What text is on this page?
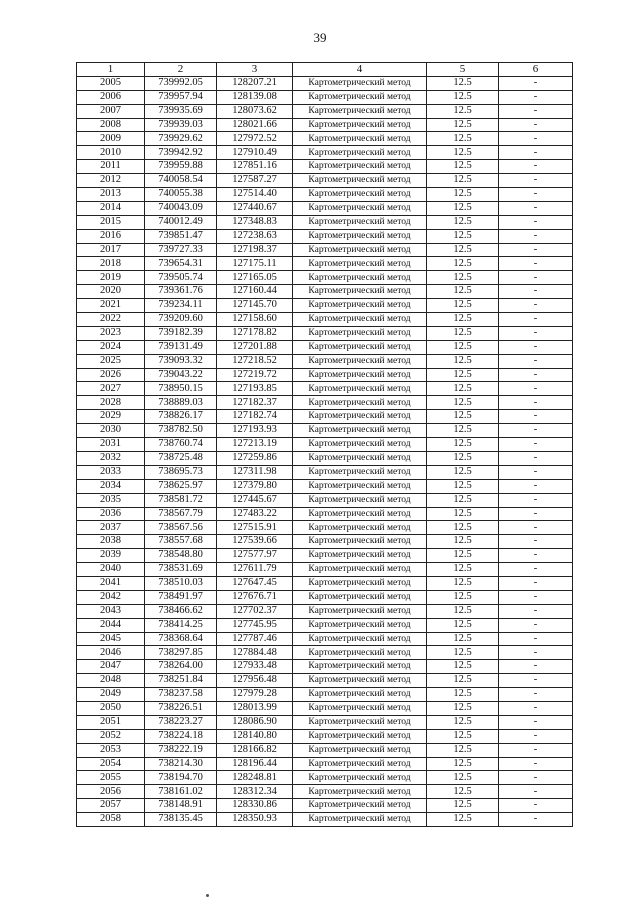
39
1	2	3	4	5	6
2005	739992.05	128207.21	Картометрический метод	12.5	-
2006	739957.94	128139.08	Картометрический метод	12.5	-
2007	739935.69	128073.62	Картометрический метод	12.5	-
2008	739939.03	128021.66	Картометрический метод	12.5	-
2009	739929.62	127972.52	Картометрический метод	12.5	-
2010	739942.92	127910.49	Картометрический метод	12.5	-
2011	739959.88	127851.16	Картометрический метод	12.5	-
2012	740058.54	127587.27	Картометрический метод	12.5	-
2013	740055.38	127514.40	Картометрический метод	12.5	-
2014	740043.09	127440.67	Картометрический метод	12.5	-
2015	740012.49	127348.83	Картометрический метод	12.5	-
2016	739851.47	127238.63	Картометрический метод	12.5	-
2017	739727.33	127198.37	Картометрический метод	12.5	-
2018	739654.31	127175.11	Картометрический метод	12.5	-
2019	739505.74	127165.05	Картометрический метод	12.5	-
2020	739361.76	127160.44	Картометрический метод	12.5	-
2021	739234.11	127145.70	Картометрический метод	12.5	-
2022	739209.60	127158.60	Картометрический метод	12.5	-
2023	739182.39	127178.82	Картометрический метод	12.5	-
2024	739131.49	127201.88	Картометрический метод	12.5	-
2025	739093.32	127218.52	Картометрический метод	12.5	-
2026	739043.22	127219.72	Картометрический метод	12.5	-
2027	738950.15	127193.85	Картометрический метод	12.5	-
2028	738889.03	127182.37	Картометрический метод	12.5	-
2029	738826.17	127182.74	Картометрический метод	12.5	-
2030	738782.50	127193.93	Картометрический метод	12.5	-
2031	738760.74	127213.19	Картометрический метод	12.5	-
2032	738725.48	127259.86	Картометрический метод	12.5	-
2033	738695.73	127311.98	Картометрический метод	12.5	-
2034	738625.97	127379.80	Картометрический метод	12.5	-
2035	738581.72	127445.67	Картометрический метод	12.5	-
2036	738567.79	127483.22	Картометрический метод	12.5	-
2037	738567.56	127515.91	Картометрический метод	12.5	-
2038	738557.68	127539.66	Картометрический метод	12.5	-
2039	738548.80	127577.97	Картометрический метод	12.5	-
2040	738531.69	127611.79	Картометрический метод	12.5	-
2041	738510.03	127647.45	Картометрический метод	12.5	-
2042	738491.97	127676.71	Картометрический метод	12.5	-
2043	738466.62	127702.37	Картометрический метод	12.5	-
2044	738414.25	127745.95	Картометрический метод	12.5	-
2045	738368.64	127787.46	Картометрический метод	12.5	-
2046	738297.85	127884.48	Картометрический метод	12.5	-
2047	738264.00	127933.48	Картометрический метод	12.5	-
2048	738251.84	127956.48	Картометрический метод	12.5	-
2049	738237.58	127979.28	Картометрический метод	12.5	-
2050	738226.51	128013.99	Картометрический метод	12.5	-
2051	738223.27	128086.90	Картометрический метод	12.5	-
2052	738224.18	128140.80	Картометрический метод	12.5	-
2053	738222.19	128166.82	Картометрический метод	12.5	-
2054	738214.30	128196.44	Картометрический метод	12.5	-
2055	738194.70	128248.81	Картометрический метод	12.5	-
2056	738161.02	128312.34	Картометрический метод	12.5	-
2057	738148.91	128330.86	Картометрический метод	12.5	-
2058	738135.45	128350.93	Картометрический метод	12.5	-
